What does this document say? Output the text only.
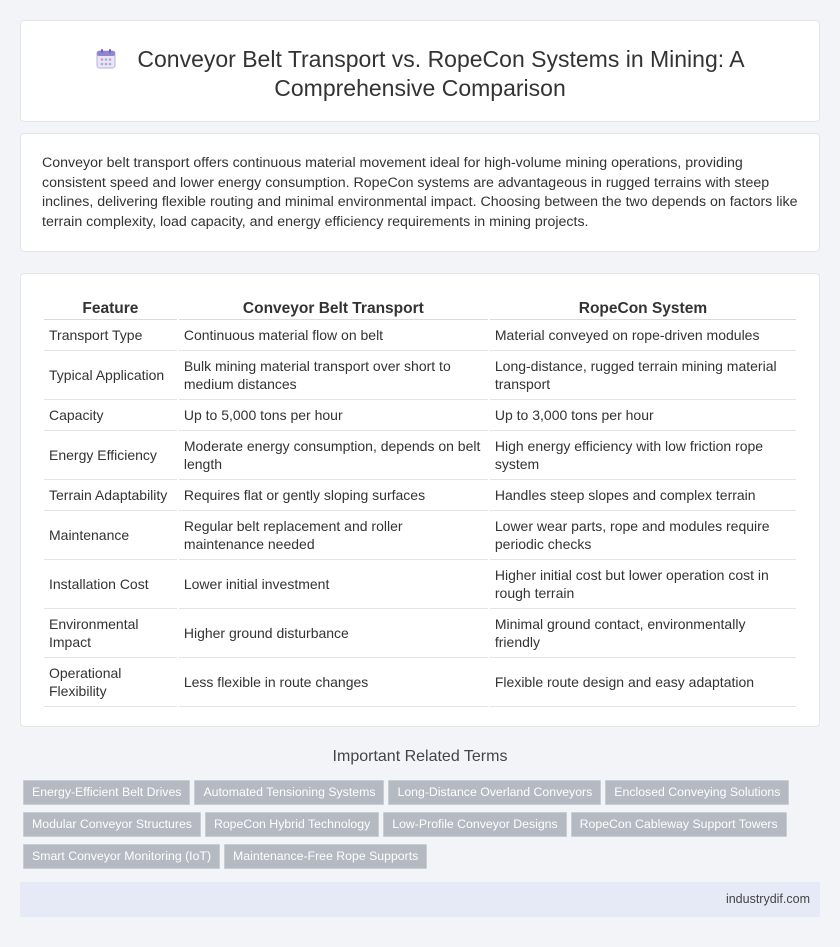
Conveyor Belt Transport vs. RopeCon Systems in Mining: A Comprehensive Comparison

Conveyor belt transport offers continuous material movement ideal for high-volume mining operations, providing consistent speed and lower energy consumption. RopeCon systems are advantageous in rugged terrains with steep inclines, delivering flexible routing and minimal environmental impact. Choosing between the two depends on factors like terrain complexity, load capacity, and energy efficiency requirements in mining projects.

Feature	Conveyor Belt Transport	RopeCon System
Transport Type	Continuous material flow on belt	Material conveyed on rope-driven modules
Typical Application	Bulk mining material transport over short to medium distances	Long-distance, rugged terrain mining material transport
Capacity	Up to 5,000 tons per hour	Up to 3,000 tons per hour
Energy Efficiency	Moderate energy consumption, depends on belt length	High energy efficiency with low friction rope system
Terrain Adaptability	Requires flat or gently sloping surfaces	Handles steep slopes and complex terrain
Maintenance	Regular belt replacement and roller maintenance needed	Lower wear parts, rope and modules require periodic checks
Installation Cost	Lower initial investment	Higher initial cost but lower operation cost in rough terrain
Environmental Impact	Higher ground disturbance	Minimal ground contact, environmentally friendly
Operational Flexibility	Less flexible in route changes	Flexible route design and easy adaptation
Important Related Terms
Energy-Efficient Belt Drives Automated Tensioning Systems Long-Distance Overland Conveyors Enclosed Conveying SolutionsModular Conveyor Structures RopeCon Hybrid Technology Low-Profile Conveyor Designs RopeCon Cableway Support TowersSmart Conveyor Monitoring (IoT) Maintenance-Free Rope Supports
industrydif.com
